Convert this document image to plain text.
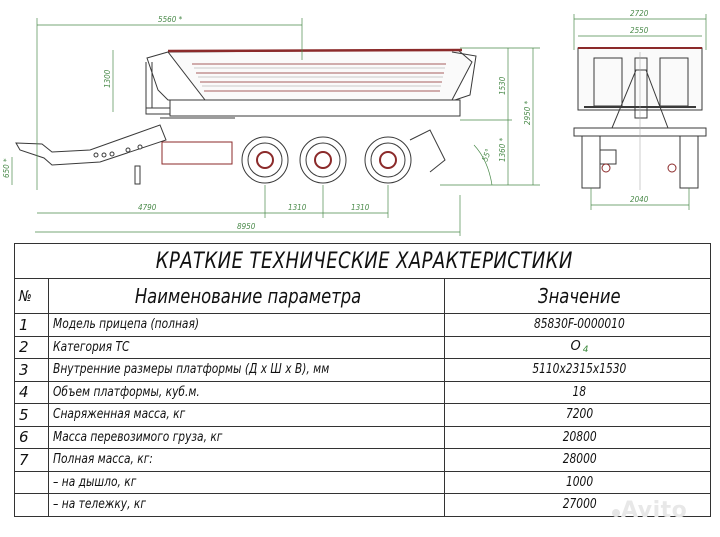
5560 *
1300
650 *
4790	1310	1310
8950
1530
2950 *
1360 *
55°
2720
2550
2040
КРАТКИЕ ТЕХНИЧЕСКИЕ ХАРАКТЕРИСТИКИ		
№	Наименование параметра	Значение
1	Модель прицепа (полная)	85830F-0000010
2	Категория ТС	O $_4$
3	Внутренние размеры платформы (Д х Ш х В), мм	5110x2315x1530
4	Объем платформы, куб.м.	18
5	Снаряженная масса, кг	7200
6	Масса перевозимого груза, кг	20800
7	Полная масса, кг:	28000
	– на дышло, кг	1000
	– на тележку, кг	27000	Avito
